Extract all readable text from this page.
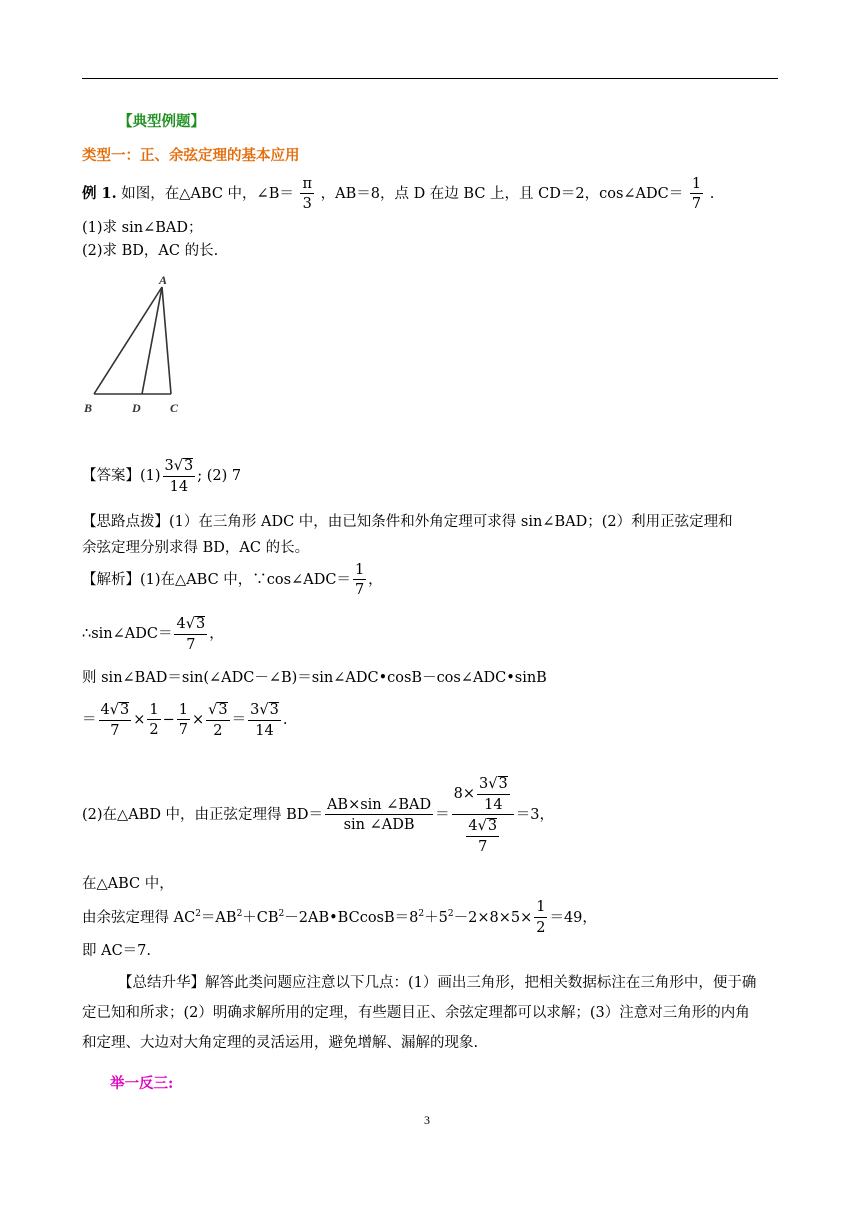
【典型例题】
类型一：正、余弦定理的基本应用
例 1. 如图，在△ABC 中，∠B＝ $\frac{\pi}{3}$ ，AB＝8，点 D 在边 BC 上，且 CD＝2，cos∠ADC＝ $\frac{1}{7}$ .
(1)求 sin∠BAD；
(2)求 BD，AC 的长.
A
B	D C
【答案】$(1) \frac{3√3}{14}$ ; (2) 7
【思路点拨】(1）在三角形 ADC 中，由已知条件和外角定理可求得 sin∠BAD；(2）利用正弦定理和
余弦定理分别求得 BD，AC 的长。
【解析】(1)在△ABC 中，∵cos∠ADC＝ $\frac{1}{7}$ ，
∴sin∠ADC＝ $\frac{4√3}{7}$ ，
则 sin∠BAD＝sin(∠ADC－∠B)＝sin∠ADC•cosB－cos∠ADC•sinB
＝ $\frac{4√3}{7} \times \frac{1}{2} - \frac{1}{7} \times \frac{√3}{2} = \frac{3√3}{14}$ .
(2)在△ABD 中，由正弦定理得 $BD= \frac{\text{AB×sin ∠BAD}}{\text{sin ∠ADB}} = \frac{8\times \frac{3√3}{14}}{\frac{4√3}{7}} =3$，
在△ABC 中，
由余弦定理得 $AC^2=AB^2+CB^2-2AB•BCcosB=8^2+5^2-2\times 8\times 5\times \frac{1}{2} =49$，
即 AC＝7.
【总结升华】解答此类问题应注意以下几点：(1）画出三角形，把相关数据标注在三角形中，便于确
定已知和所求；(2）明确求解所用的定理，有些题目正、余弦定理都可以求解；(3）注意对三角形的内角
和定理、大边对大角定理的灵活运用，避免增解、漏解的现象.
举一反三:
3
